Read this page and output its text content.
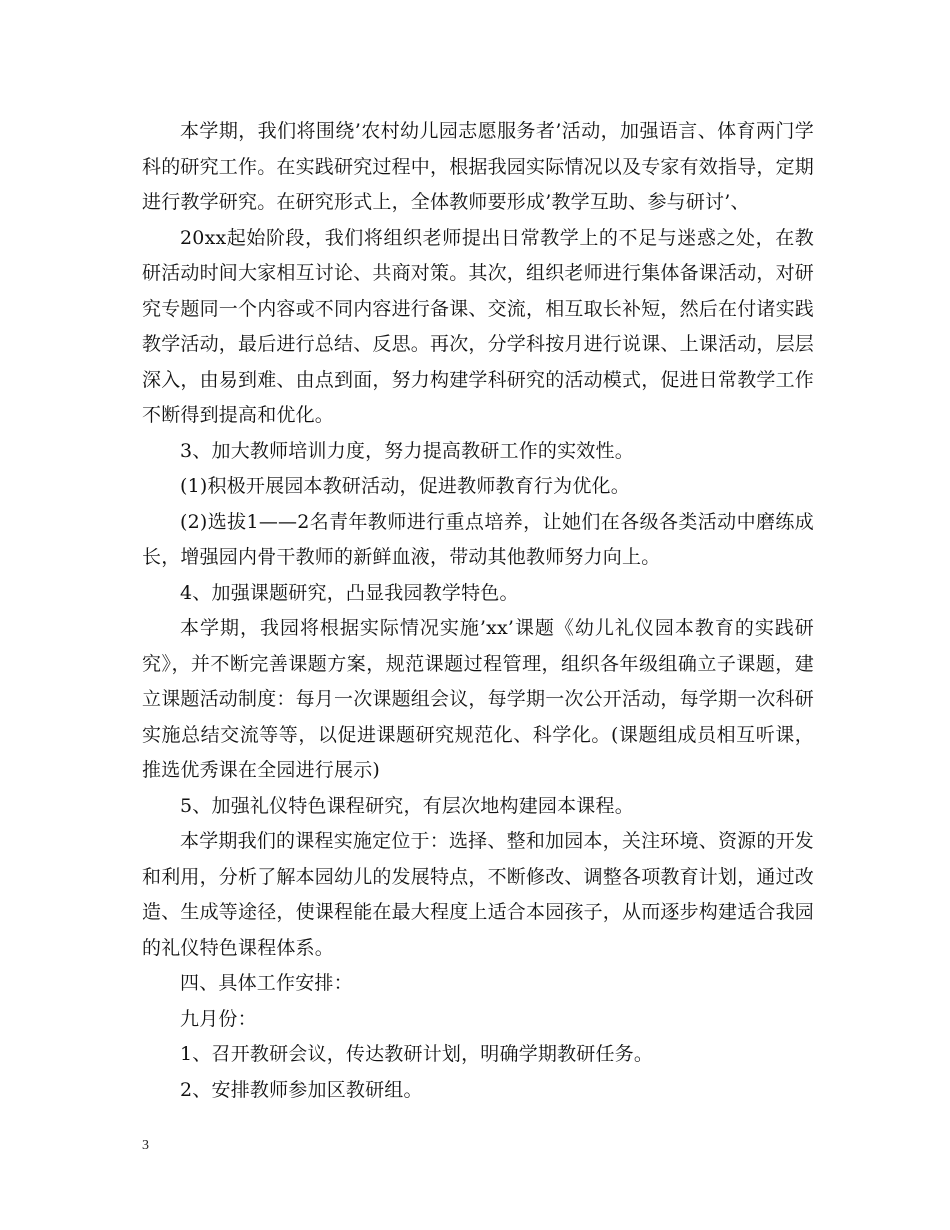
本学期，我们将围绕’农村幼儿园志愿服务者’活动，加强语言、体育两门学科的研究工作。在实践研究过程中，根据我园实际情况以及专家有效指导，定期进行教学研究。在研究形式上，全体教师要形成’教学互助、参与研讨’、

20xx起始阶段，我们将组织老师提出日常教学上的不足与迷惑之处，在教研活动时间大家相互讨论、共商对策。其次，组织老师进行集体备课活动，对研究专题同一个内容或不同内容进行备课、交流，相互取长补短，然后在付诸实践教学活动，最后进行总结、反思。再次，分学科按月进行说课、上课活动，层层深入，由易到难、由点到面，努力构建学科研究的活动模式，促进日常教学工作不断得到提高和优化。

3、加大教师培训力度，努力提高教研工作的实效性。

(1)积极开展园本教研活动，促进教师教育行为优化。

(2)选拔1——2名青年教师进行重点培养，让她们在各级各类活动中磨练成长，增强园内骨干教师的新鲜血液，带动其他教师努力向上。

4、加强课题研究，凸显我园教学特色。

本学期，我园将根据实际情况实施’xx’课题《幼儿礼仪园本教育的实践研究》，并不断完善课题方案，规范课题过程管理，组织各年级组确立子课题，建立课题活动制度：每月一次课题组会议，每学期一次公开活动，每学期一次科研实施总结交流等等，以促进课题研究规范化、科学化。(课题组成员相互听课，推选优秀课在全园进行展示)

5、加强礼仪特色课程研究，有层次地构建园本课程。

本学期我们的课程实施定位于：选择、整和加园本，关注环境、资源的开发和利用，分析了解本园幼儿的发展特点，不断修改、调整各项教育计划，通过改造、生成等途径，使课程能在最大程度上适合本园孩子，从而逐步构建适合我园的礼仪特色课程体系。

四、具体工作安排：

九月份：

1、召开教研会议，传达教研计划，明确学期教研任务。

2、安排教师参加区教研组。

3
